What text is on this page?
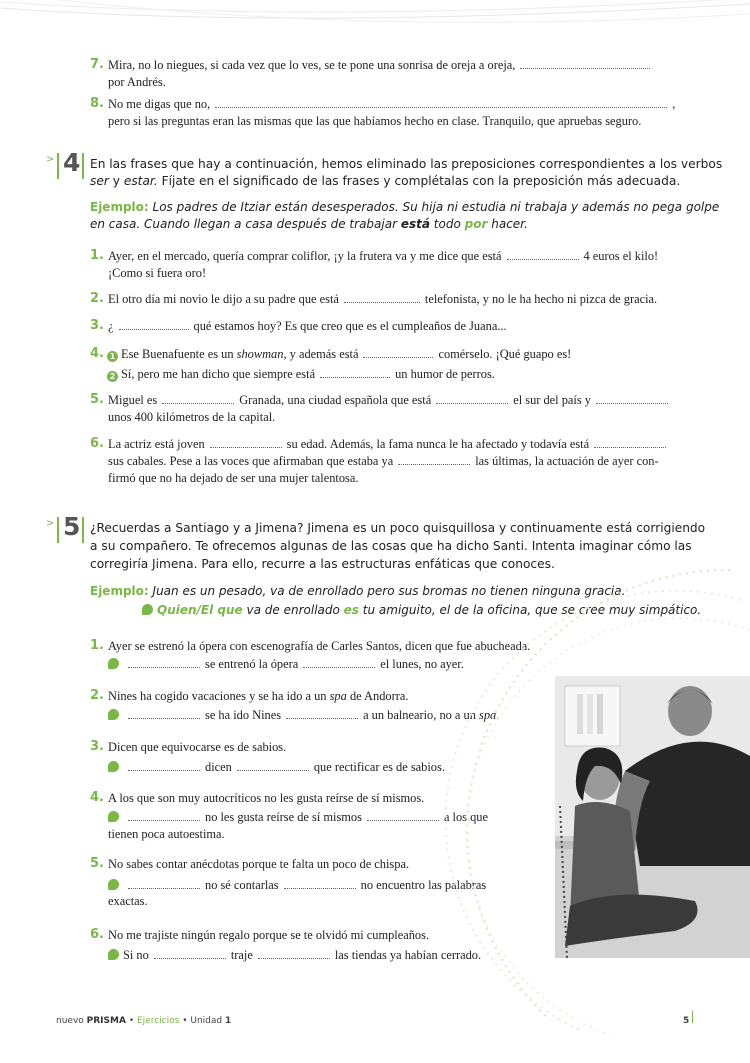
7. Mira, no lo niegues, si cada vez que lo ves, se te pone una sonrisa de oreja a oreja,
por Andrés.
8. No me digas que no,	,
pero si las preguntas eran las mismas que las que habíamos hecho en clase. Tranquilo, que apruebas seguro.
> 4 En las frases que hay a continuación, hemos eliminado las preposiciones correspondientes a los verbos
ser y estar. Fíjate en el significado de las frases y complétalas con la preposición más adecuada.
Ejemplo: Los padres de Itziar están desesperados. Su hija ni estudia ni trabaja y además no pega golpe
en casa. Cuando llegan a casa después de trabajar está todo por hacer.
1. Ayer, en el mercado, quería comprar coliflor, ¡y la frutera va y me dice que está	4 euros el kilo!
¡Como si fuera oro!
2. El otro día mi novio le dijo a su padre que está	telefonista, y no le ha hecho ni pizca de gracia.
3. ¿	qué estamos hoy? Es que creo que es el cumpleaños de Juana...
4. 1 Ese Buenafuente es un showman, y además está	comérselo. ¡Qué guapo es!
2 Sí, pero me han dicho que siempre está	un humor de perros.
5. Miguel es	Granada, una ciudad española que está	el sur del país y
unos 400 kilómetros de la capital.
6. La actriz está joven	su edad. Además, la fama nunca le ha afectado y todavía está
sus cabales. Pese a las voces que afirmaban que estaba ya	las últimas, la actuación de ayer con-
firmó que no ha dejado de ser una mujer talentosa.
> 5 ¿Recuerdas a Santiago y a Jimena? Jimena es un poco quisquillosa y continuamente está corrigiendo
a su compañero. Te ofrecemos algunas de las cosas que ha dicho Santi. Intenta imaginar cómo las
corregiría Jimena. Para ello, recurre a las estructuras enfáticas que conoces.
Ejemplo: Juan es un pesado, va de enrollado pero sus bromas no tienen ninguna gracia.
Quien/El que va de enrollado es tu amiguito, el de la oficina, que se cree muy simpático.
1. Ayer se estrenó la ópera con escenografía de Carles Santos, dicen que fue abucheada.
se entrenó la ópera	el lunes, no ayer.
2. Nines ha cogido vacaciones y se ha ido a un spa de Andorra.
se ha ido Nines	a un balneario, no a un spa.
3. Dicen que equivocarse es de sabios.
dicen	que rectificar es de sabios.
4. A los que son muy autocríticos no les gusta reírse de sí mismos.
no les gusta reírse de sí mismos	a los que
tienen poca autoestima.
5. No sabes contar anécdotas porque te falta un poco de chispa.
no sé contarlas	no encuentro las palabras
exactas.
6. No me trajiste ningún regalo porque se te olvidó mi cumpleaños.
Si no	traje	las tiendas ya habían cerrado.
nuevo PRISMA • Ejercicios • Unidad 1	5
